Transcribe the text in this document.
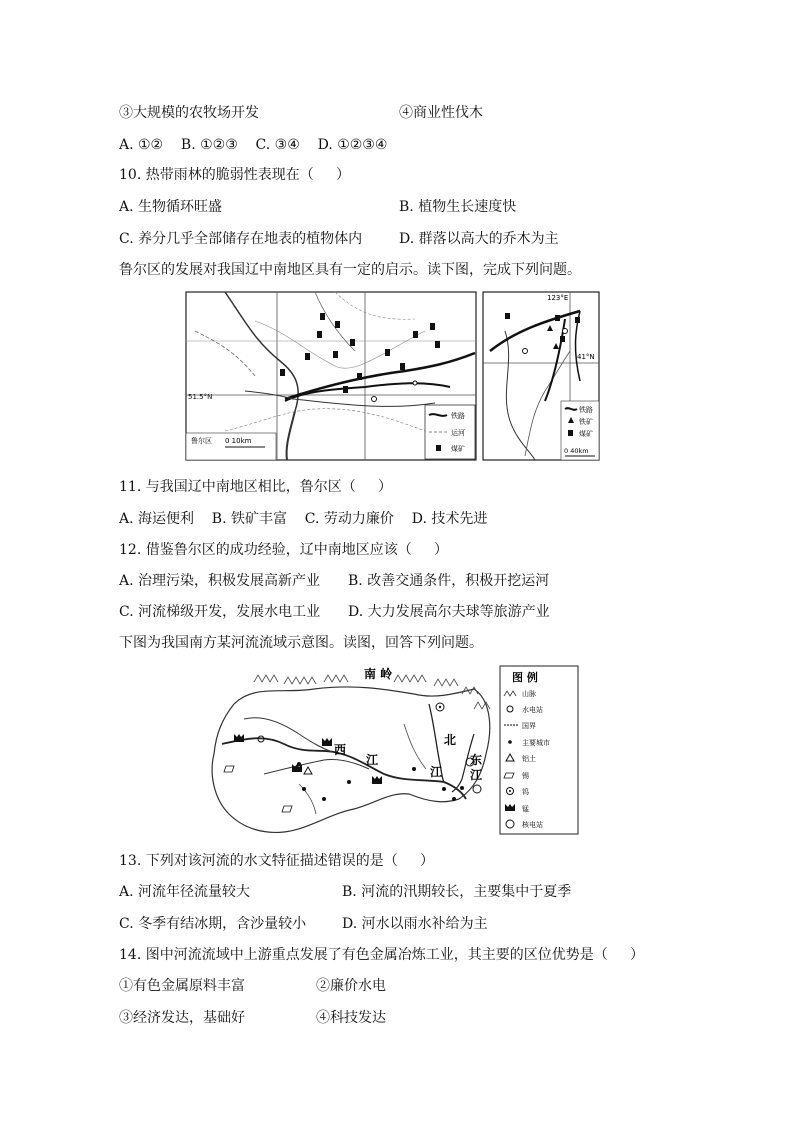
③大规模的农牧场开发	④商业性伐木
A. ①②    B. ①②③    C. ③④    D. ①②③④
10. 热带雨林的脆弱性表现在（     ）
A. 生物循环旺盛	B. 植物生长速度快
C. 养分几乎全部储存在地表的植物体内	D. 群落以高大的乔木为主
鲁尔区的发展对我国辽中南地区具有一定的启示。读下图，完成下列问题。
51.5°N
铁路
运河
煤矿
鲁尔区 0 10km
123°E
41°N
铁路
铁矿
煤矿
0 40km
11. 与我国辽中南地区相比，鲁尔区（     ）
A. 海运便利    B. 铁矿丰富    C. 劳动力廉价    D. 技术先进
12. 借鉴鲁尔区的成功经验，辽中南地区应该（     ）
A. 治理污染，积极发展高新产业 B. 改善交通条件，积极开挖运河
C. 河流梯级开发，发展水电工业 D. 大力发展高尔夫球等旅游产业
下图为我国南方某河流流域示意图。读图，回答下列问题。
南 岭
西
江
北
江
东
江
图 例
山脉
水电站
国界
主要城市
铝土
锡
钨
锰
核电站
13. 下列对该河流的水文特征描述错误的是（     ）
A. 河流年径流量较大	B. 河流的汛期较长，主要集中于夏季
C. 冬季有结冰期，含沙量较小	D. 河水以雨水补给为主
14. 图中河流流域中上游重点发展了有色金属冶炼工业，其主要的区位优势是（     ）
①有色金属原料丰富	②廉价水电
③经济发达，基础好	④科技发达
